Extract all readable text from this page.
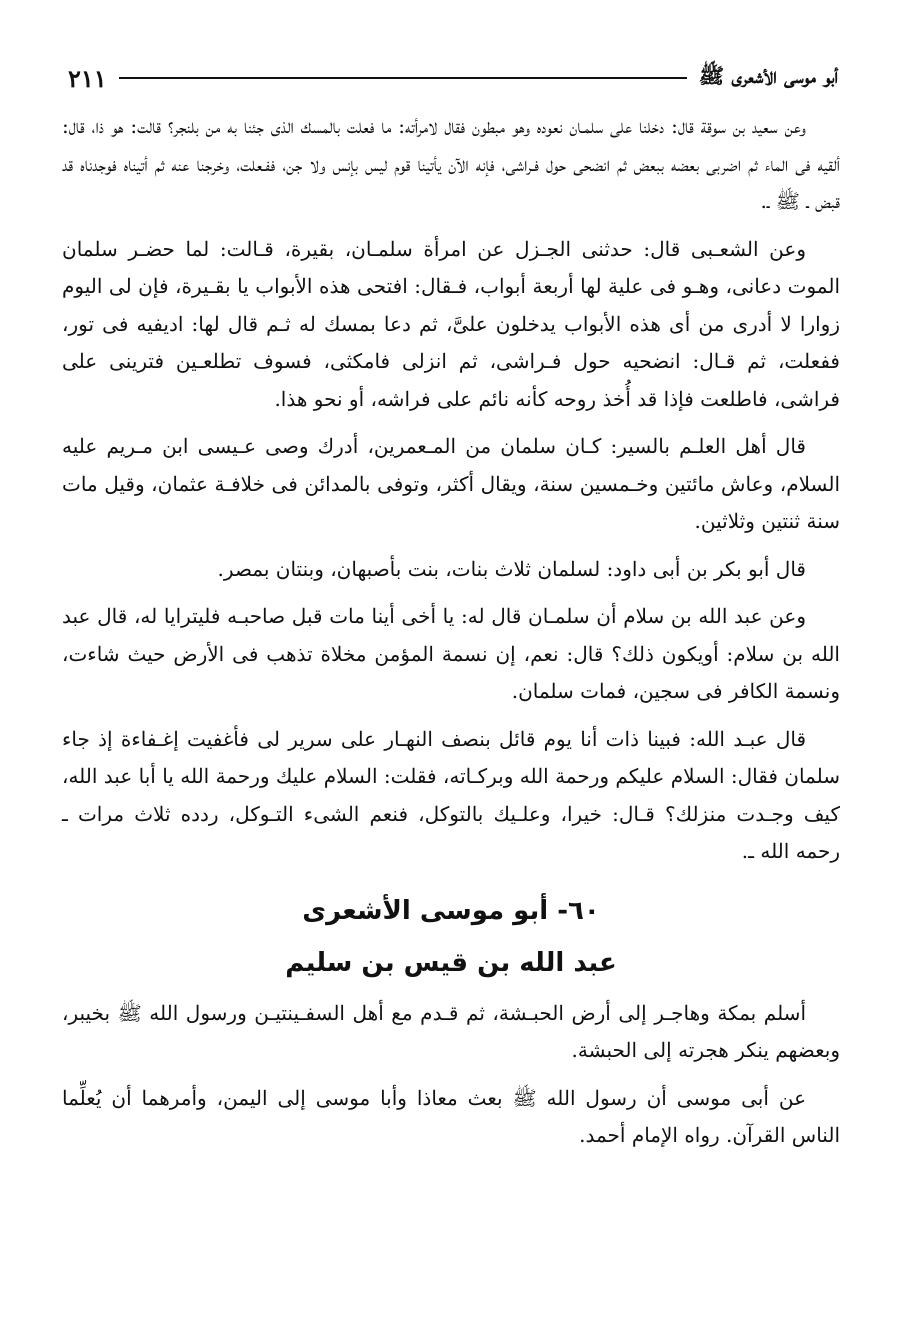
٢١١	أبو موسى الأشعرى ﷺ

وعن سعيد بن سوقة قال: دخلنا على سلمـان نعوده وهو مبطون فقال لامرأته: ما فعلت بالمسك الذى جئنا به من بلنجر؟ قالت: هو ذا، قال: ألقيه فى الماء ثم اضربى بعضه ببعض ثم انضحى حول فـراشى، فإنه الآن يأتينا قوم ليس بإنس ولا جن، ففـعلت، وخرجنا عنه ثم أتيناه فوجدناه قد قبض ـ ﷺ ـ.

وعن الشعـبى قال: حدثنى الجـزل عن امرأة سلمـان، بقيرة، قـالت: لما حضـر سلمان الموت دعانى، وهـو فى علية لها أربعة أبواب، فـقال: افتحى هذه الأبواب يا بقـيرة، فإن لى اليوم زوارا لا أدرى من أى هذه الأبواب يدخلون علىَّ، ثم دعا بمسك له ثـم قال لها: اديفيه فى تور، ففعلت، ثم قـال: انضحيه حول فـراشى، ثم انزلى فامكثى، فسوف تطلعـين فترينى على فراشى، فاطلعت فإذا قد أُخذ روحه كأنه نائم على فراشه، أو نحو هذا.

قال أهل العلـم بالسير: كـان سلمان من المـعمرين، أدرك وصى عـيسى ابن مـريم عليه السلام، وعاش مائتين وخـمسين سنة، ويقال أكثر، وتوفى بالمدائن فى خلافـة عثمان، وقيل مات سنة ثنتين وثلاثين.

قال أبو بكر بن أبى داود: لسلمان ثلاث بنات، بنت بأصبهان، وبنتان بمصر.

وعن عبد الله بن سلام أن سلمـان قال له: يا أخى أينا مات قبل صاحبـه فليترايا له، قال عبد الله بن سلام: أويكون ذلك؟ قال: نعم، إن نسمة المؤمن مخلاة تذهب فى الأرض حيث شاءت، ونسمة الكافر فى سجين، فمات سلمان.

قال عبـد الله: فبينا ذات أنا يوم قائل بنصف النهـار على سرير لى فأغفيت إغـفاءة إذ جاء سلمان فقال: السلام عليكم ورحمة الله وبركـاته، فقلت: السلام عليك ورحمة الله يا أبا عبد الله، كيف وجـدت منزلك؟ قـال: خيرا، وعلـيك بالتوكل، فنعم الشىء التـوكل، ردده ثلاث مرات ـ رحمه الله ـ.

٦٠- أبو موسى الأشعرى
عبد الله بن قيس بن سليم

أسلم بمكة وهاجـر إلى أرض الحبـشة، ثم قـدم مع أهل السفـينتيـن ورسول الله ﷺ بخيبر، وبعضهم ينكر هجرته إلى الحبشة.

عن أبى موسى أن رسول الله ﷺ بعث معاذا وأبا موسى إلى اليمن، وأمرهما أن يُعلِّما الناس القرآن. رواه الإمام أحمد.
